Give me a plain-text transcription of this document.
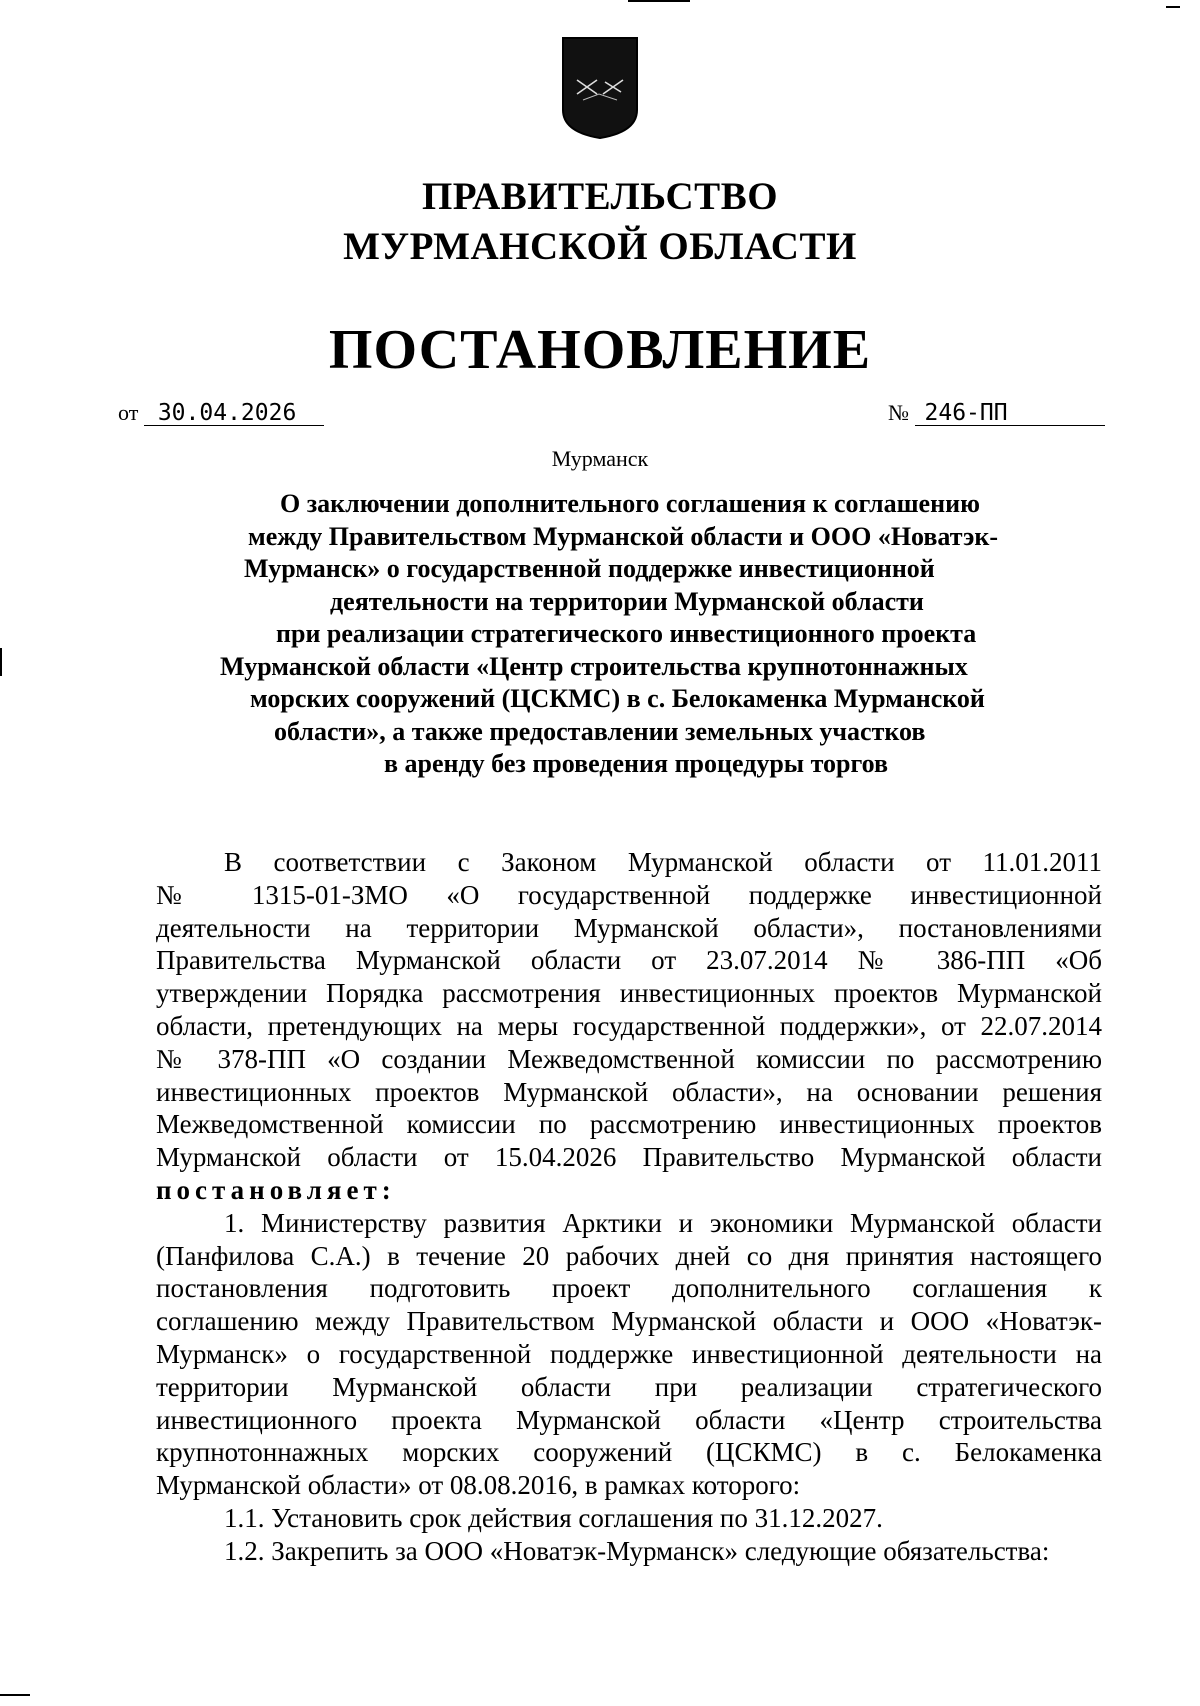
ПРАВИТЕЛЬСТВО
МУРМАНСКОЙ ОБЛАСТИ
ПОСТАНОВЛЕНИЕ
от 30.04.2026	№ 246-ПП
Мурманск
О заключении дополнительного соглашения к соглашению
между Правительством Мурманской области и ООО «Новатэк-
Мурманск» о государственной поддержке инвестиционной
деятельности на территории Мурманской области
при реализации стратегического инвестиционного проекта
Мурманской области «Центр строительства крупнотоннажных
морских сооружений (ЦСКМС) в с. Белокаменка Мурманской
области», а также предоставлении земельных участков
в аренду без проведения процедуры торгов
В соответствии с Законом Мурманской области от 11.01.2011
№ 1315-01-ЗМО «О государственной поддержке инвестиционной
деятельности на территории Мурманской области», постановлениями
Правительства Мурманской области от 23.07.2014 № 386-ПП «Об
утверждении Порядка рассмотрения инвестиционных проектов Мурманской
области, претендующих на меры государственной поддержки», от 22.07.2014
№ 378-ПП «О создании Межведомственной комиссии по рассмотрению
инвестиционных проектов Мурманской области», на основании решения
Межведомственной комиссии по рассмотрению инвестиционных проектов
Мурманской области от 15.04.2026 Правительство Мурманской области
постановляет:
1. Министерству развития Арктики и экономики Мурманской области
(Панфилова С.А.) в течение 20 рабочих дней со дня принятия настоящего
постановления подготовить проект дополнительного соглашения к
соглашению между Правительством Мурманской области и ООО «Новатэк-
Мурманск» о государственной поддержке инвестиционной деятельности на
территории Мурманской области при реализации стратегического
инвестиционного проекта Мурманской области «Центр строительства
крупнотоннажных морских сооружений (ЦСКМС) в с. Белокаменка
Мурманской области» от 08.08.2016, в рамках которого:
1.1. Установить срок действия соглашения по 31.12.2027.
1.2. Закрепить за ООО «Новатэк-Мурманск» следующие обязательства:
